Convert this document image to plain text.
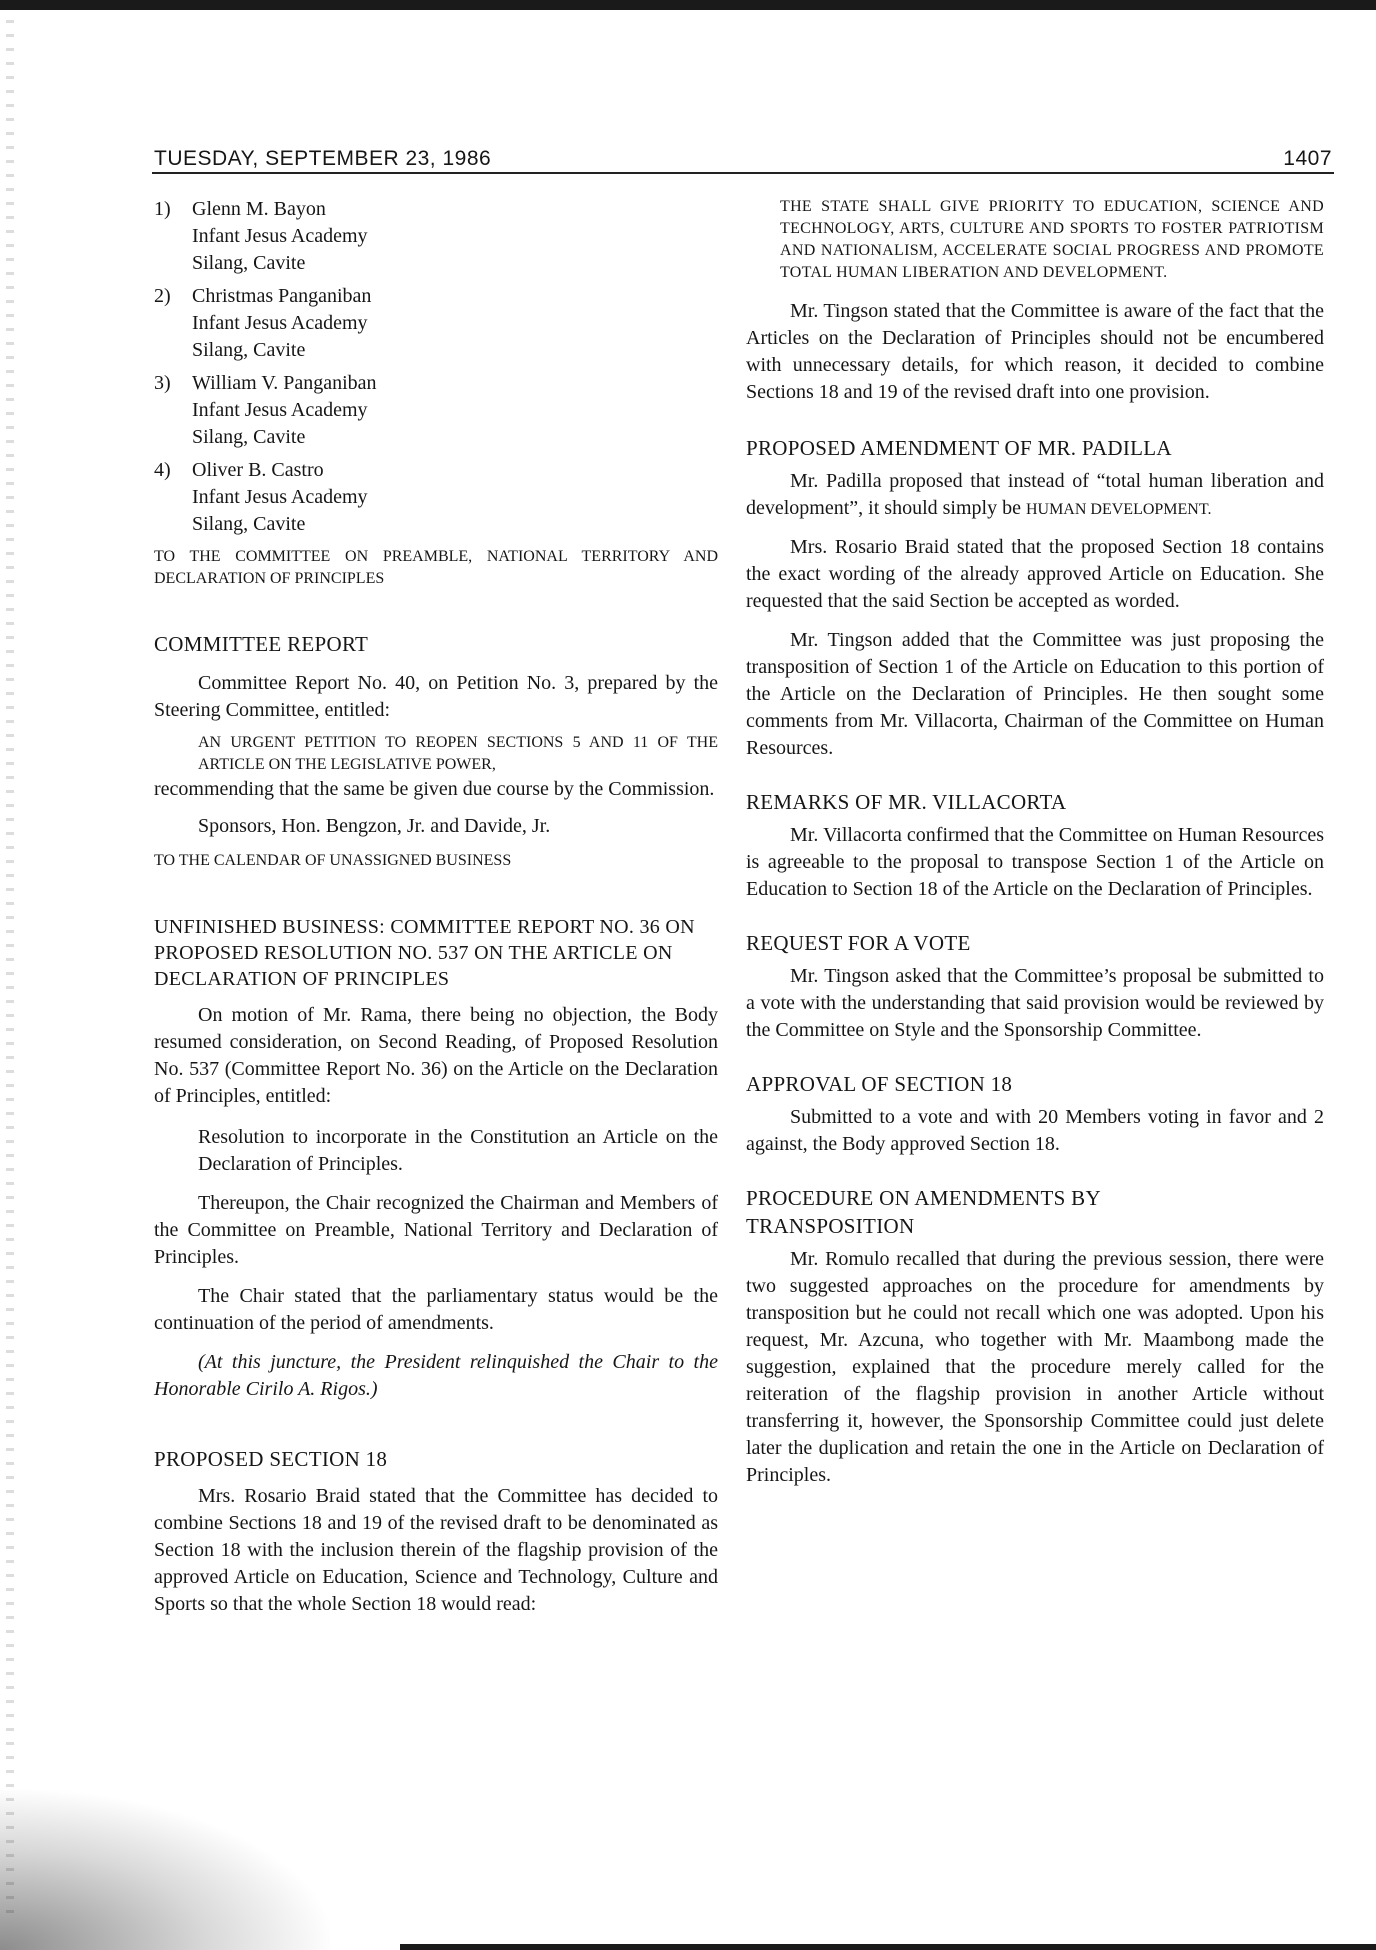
TUESDAY, SEPTEMBER 23, 1986	1407
1)	Glenn M. Bayon
Infant Jesus Academy
Silang, Cavite
2)	Christmas Panganiban
Infant Jesus Academy
Silang, Cavite
3)	William V. Panganiban
Infant Jesus Academy
Silang, Cavite
4)	Oliver B. Castro
Infant Jesus Academy
Silang, Cavite

TO THE COMMITTEE ON PREAMBLE, NATIONAL TERRITORY AND DECLARATION OF PRINCIPLES

COMMITTEE REPORT

Committee Report No. 40, on Petition No. 3, prepared by the Steering Committee, entitled:

AN URGENT PETITION TO REOPEN SECTIONS 5 AND 11 OF THE ARTICLE ON THE LEGISLATIVE POWER,

recommending that the same be given due course by the Commission.

Sponsors, Hon. Bengzon, Jr. and Davide, Jr.

TO THE CALENDAR OF UNASSIGNED BUSINESS

UNFINISHED BUSINESS: COMMITTEE REPORT NO. 36 ON PROPOSED RESOLUTION NO. 537 ON THE ARTICLE ON DECLARATION OF PRINCIPLES

On motion of Mr. Rama, there being no objection, the Body resumed consideration, on Second Reading, of Proposed Resolution No. 537 (Committee Report No. 36) on the Article on the Declaration of Principles, entitled:

Resolution to incorporate in the Constitution an Article on the Declaration of Principles.

Thereupon, the Chair recognized the Chairman and Members of the Committee on Preamble, National Territory and Declaration of Principles.

The Chair stated that the parliamentary status would be the continuation of the period of amendments.

(At this juncture, the President relinquished the Chair to the Honorable Cirilo A. Rigos.)

PROPOSED SECTION 18

Mrs. Rosario Braid stated that the Committee has decided to combine Sections 18 and 19 of the revised draft to be denominated as Section 18 with the inclusion therein of the flagship provision of the approved Article on Education, Science and Technology, Culture and Sports so that the whole Section 18 would read:

THE STATE SHALL GIVE PRIORITY TO EDUCATION, SCIENCE AND TECHNOLOGY, ARTS, CULTURE AND SPORTS TO FOSTER PATRIOTISM AND NATIONALISM, ACCELERATE SOCIAL PROGRESS AND PROMOTE TOTAL HUMAN LIBERATION AND DEVELOPMENT.

Mr. Tingson stated that the Committee is aware of the fact that the Articles on the Declaration of Principles should not be encumbered with unnecessary details, for which reason, it decided to combine Sections 18 and 19 of the revised draft into one provision.

PROPOSED AMENDMENT OF MR. PADILLA

Mr. Padilla proposed that instead of “total human liberation and development”, it should simply be HUMAN DEVELOPMENT.

Mrs. Rosario Braid stated that the proposed Section 18 contains the exact wording of the already approved Article on Education. She requested that the said Section be accepted as worded.

Mr. Tingson added that the Committee was just proposing the transposition of Section 1 of the Article on Education to this portion of the Article on the Declaration of Principles. He then sought some comments from Mr. Villacorta, Chairman of the Committee on Human Resources.

REMARKS OF MR. VILLACORTA

Mr. Villacorta confirmed that the Committee on Human Resources is agreeable to the proposal to transpose Section 1 of the Article on Education to Section 18 of the Article on the Declaration of Principles.

REQUEST FOR A VOTE

Mr. Tingson asked that the Committee’s proposal be submitted to a vote with the understanding that said provision would be reviewed by the Committee on Style and the Sponsorship Committee.

APPROVAL OF SECTION 18

Submitted to a vote and with 20 Members voting in favor and 2 against, the Body approved Section 18.

PROCEDURE ON AMENDMENTS BY TRANSPOSITION

Mr. Romulo recalled that during the previous session, there were two suggested approaches on the procedure for amendments by transposition but he could not recall which one was adopted. Upon his request, Mr. Azcuna, who together with Mr. Maambong made the suggestion, explained that the procedure merely called for the reiteration of the flagship provision in another Article without transferring it, however, the Sponsorship Committee could just delete later the duplication and retain the one in the Article on Declaration of Principles.
